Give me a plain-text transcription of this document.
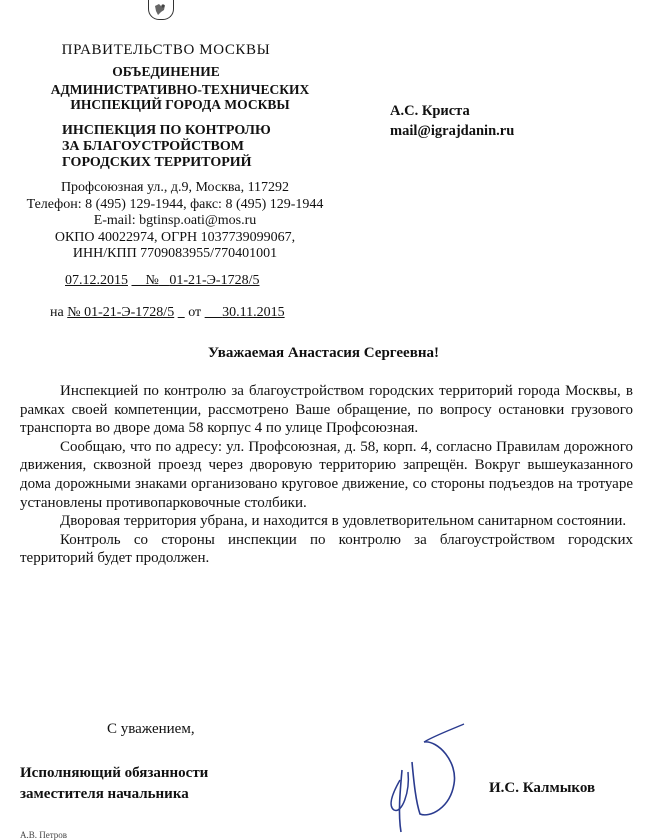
ПРАВИТЕЛЬСТВО МОСКВЫ
ОБЪЕДИНЕНИЕ
АДМИНИСТРАТИВНО-ТЕХНИЧЕСКИХ
ИНСПЕКЦИЙ ГОРОДА МОСКВЫ
ИНСПЕКЦИЯ ПО КОНТРОЛЮ
ЗА БЛАГОУСТРОЙСТВОМ
ГОРОДСКИХ ТЕРРИТОРИЙ
Профсоюзная ул., д.9, Москва, 117292
Телефон: 8 (495) 129-1944, факс: 8 (495) 129-1944
E-mail: bgtinsp.oati@mos.ru
ОКПО 40022974, ОГРН 1037739099067,
ИНН/КПП 7709083955/770401001
07.12.2015 № 01-21-Э-1728/5
на № 01-21-Э-1728/5 от 30.11.2015
А.С. Криста
mail@igrajdanin.ru
Уважаемая Анастасия Сергеевна!

Инспекцией по контролю за благоустройством городских территорий города Москвы, в рамках своей компетенции, рассмотрено Ваше обращение, по вопросу остановки грузового транспорта во дворе дома 58 корпус 4 по улице Профсоюзная.

Сообщаю, что по адресу: ул. Профсоюзная, д. 58, корп. 4, согласно Правилам дорожного движения, сквозной проезд через дворовую территорию запрещён. Вокруг вышеуказанного дома дорожными знаками организовано круговое движение, со стороны подъездов на тротуаре установлены противопарковочные столбики.

Дворовая территория убрана, и находится в удовлетворительном санитарном состоянии.

Контроль со стороны инспекции по контролю за благоустройством городских территорий будет продолжен.

С уважением,
Исполняющий обязанности
заместителя начальника	И.С. Калмыков
А.В. Петров
